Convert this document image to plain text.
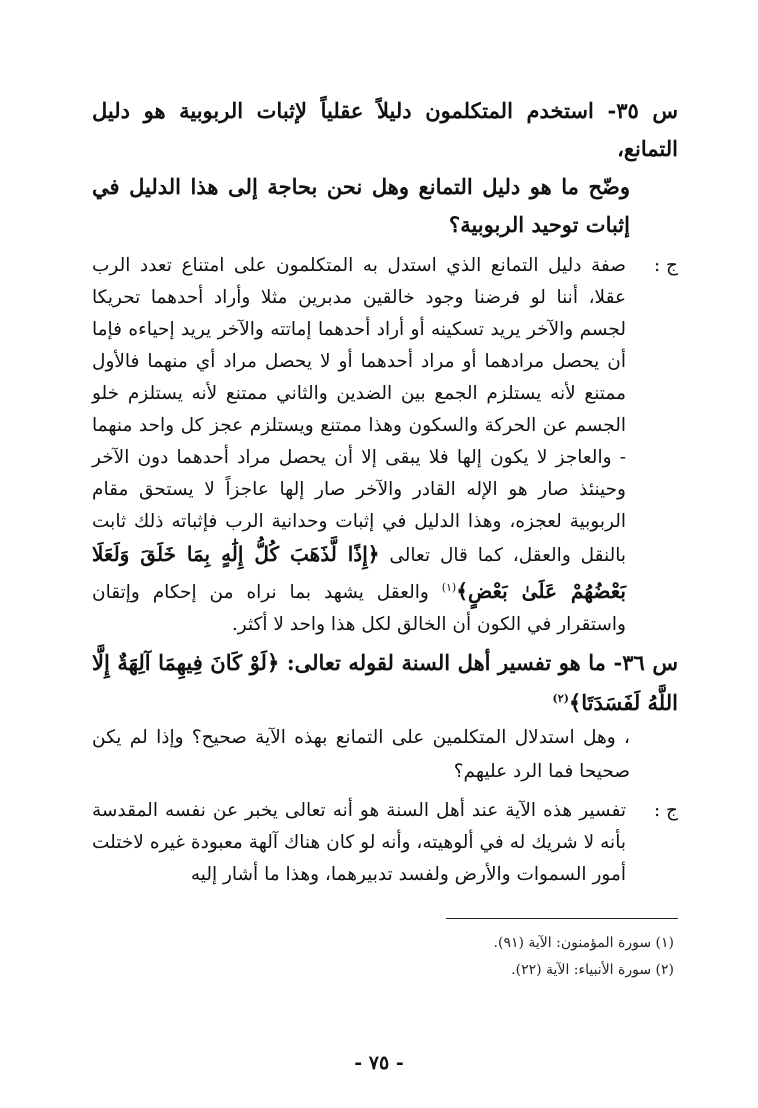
س ٣٥- استخدم المتكلمون دليلاً عقلياً لإثبات الربوبية هو دليل التمانع،
وضّح ما هو دليل التمانع وهل نحن بحاجة إلى هذا الدليل في إثبات توحيد الربوبية؟

ج :
صفة دليل التمانع الذي استدل به المتكلمون على امتناع تعدد الرب عقلا، أننا لو فرضنا وجود خالقين مدبرين مثلا وأراد أحدهما تحريكا لجسم والآخر يريد تسكينه أو أراد أحدهما إماتته والآخر يريد إحياءه فإما أن يحصل مرادهما أو مراد أحدهما أو لا يحصل مراد أي منهما فالأول ممتنع لأنه يستلزم الجمع بين الضدين والثاني ممتنع لأنه يستلزم خلو الجسم عن الحركة والسكون وهذا ممتنع ويستلزم عجز كل واحد منهما - والعاجز لا يكون إلها فلا يبقى إلا أن يحصل مراد أحدهما دون الآخر وحينئذ صار هو الإله القادر والآخر صار إلها عاجزاً لا يستحق مقام الربوبية لعجزه، وهذا الدليل في إثبات وحدانية الرب فإثباته ذلك ثابت بالنقل والعقل، كما قال تعالى ﴿إِذًا لَّذَهَبَ كُلُّ إِلَٰهٍ بِمَا خَلَقَ وَلَعَلَا بَعْضُهُمْ عَلَىٰ بَعْضٍ﴾$^{(١)}$ والعقل يشهد بما نراه من إحكام وإتقان واستقرار في الكون أن الخالق لكل هذا واحد لا أكثر.

س ٣٦- ما هو تفسير أهل السنة لقوله تعالى: ﴿لَوْ كَانَ فِيهِمَا آلِهَةٌ إِلَّا اللَّهُ لَفَسَدَتَا﴾$^{(٢)}$

، وهل استدلال المتكلمين على التمانع بهذه الآية صحيح؟ وإذا لم يكن صحيحا فما الرد عليهم؟

ج :
تفسير هذه الآية عند أهل السنة هو أنه تعالى يخبر عن نفسه المقدسة بأنه لا شريك له في ألوهيته، وأنه لو كان هناك آلهة معبودة غيره لاختلت أمور السموات والأرض ولفسد تدبيرهما، وهذا ما أشار إليه

(١) سورة المؤمنون: الآية (٩١).
(٢) سورة الأنبياء: الآية (٢٢).
- ٧٥ -
